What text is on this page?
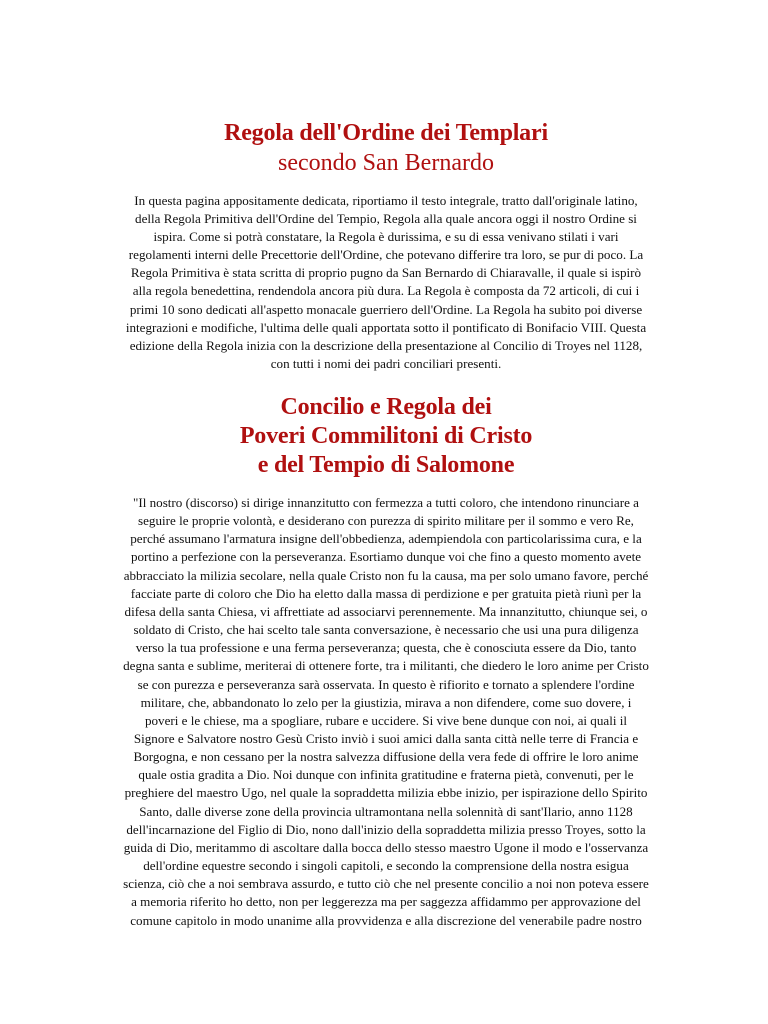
Regola dell'Ordine dei Templari
secondo San Bernardo

In questa pagina appositamente dedicata, riportiamo il testo integrale, tratto dall'originale latino,
della Regola Primitiva dell'Ordine del Tempio, Regola alla quale ancora oggi il nostro Ordine si
ispira. Come si potrà constatare, la Regola è durissima, e su di essa venivano stilati i vari
regolamenti interni delle Precettorie dell'Ordine, che potevano differire tra loro, se pur di poco. La
Regola Primitiva è stata scritta di proprio pugno da San Bernardo di Chiaravalle, il quale si ispirò
alla regola benedettina, rendendola ancora più dura. La Regola è composta da 72 articoli, di cui i
primi 10 sono dedicati all'aspetto monacale guerriero dell'Ordine. La Regola ha subito poi diverse
integrazioni e modifiche, l'ultima delle quali apportata sotto il pontificato di Bonifacio VIII. Questa
edizione della Regola inizia con la descrizione della presentazione al Concilio di Troyes nel 1128,
con tutti i nomi dei padri conciliari presenti.

Concilio e Regola dei
Poveri Commilitoni di Cristo
e del Tempio di Salomone

"Il nostro (discorso) si dirige innanzitutto con fermezza a tutti coloro, che intendono rinunciare a
seguire le proprie volontà, e desiderano con purezza di spirito militare per il sommo e vero Re,
perché assumano l'armatura insigne dell'obbedienza, adempiendola con particolarissima cura, e la
portino a perfezione con la perseveranza. Esortiamo dunque voi che fino a questo momento avete
abbracciato la milizia secolare, nella quale Cristo non fu la causa, ma per solo umano favore, perché
facciate parte di coloro che Dio ha eletto dalla massa di perdizione e per gratuita pietà riunì per la
difesa della santa Chiesa, vi affrettiate ad associarvi perennemente. Ma innanzitutto, chiunque sei, o
soldato di Cristo, che hai scelto tale santa conversazione, è necessario che usi una pura diligenza
verso la tua professione e una ferma perseveranza; questa, che è conosciuta essere da Dio, tanto
degna santa e sublime, meriterai di ottenere forte, tra i militanti, che diedero le loro anime per Cristo
se con purezza e perseveranza sarà osservata. In questo è rifiorito e tornato a splendere l'ordine
militare, che, abbandonato lo zelo per la giustizia, mirava a non difendere, come suo dovere, i
poveri e le chiese, ma a spogliare, rubare e uccidere. Si vive bene dunque con noi, ai quali il
Signore e Salvatore nostro Gesù Cristo inviò i suoi amici dalla santa città nelle terre di Francia e
Borgogna, e non cessano per la nostra salvezza diffusione della vera fede di offrire le loro anime
quale ostia gradita a Dio. Noi dunque con infinita gratitudine e fraterna pietà, convenuti, per le
preghiere del maestro Ugo, nel quale la sopraddetta milizia ebbe inizio, per ispirazione dello Spirito
Santo, dalle diverse zone della provincia ultramontana nella solennità di sant'Ilario, anno 1128
dell'incarnazione del Figlio di Dio, nono dall'inizio della sopraddetta milizia presso Troyes, sotto la
guida di Dio, meritammo di ascoltare dalla bocca dello stesso maestro Ugone il modo e l'osservanza
dell'ordine equestre secondo i singoli capitoli, e secondo la comprensione della nostra esigua
scienza, ciò che a noi sembrava assurdo, e tutto ciò che nel presente concilio a noi non poteva essere
a memoria riferito ho detto, non per leggerezza ma per saggezza affidammo per approvazione del
comune capitolo in modo unanime alla provvidenza e alla discrezione del venerabile padre nostro
